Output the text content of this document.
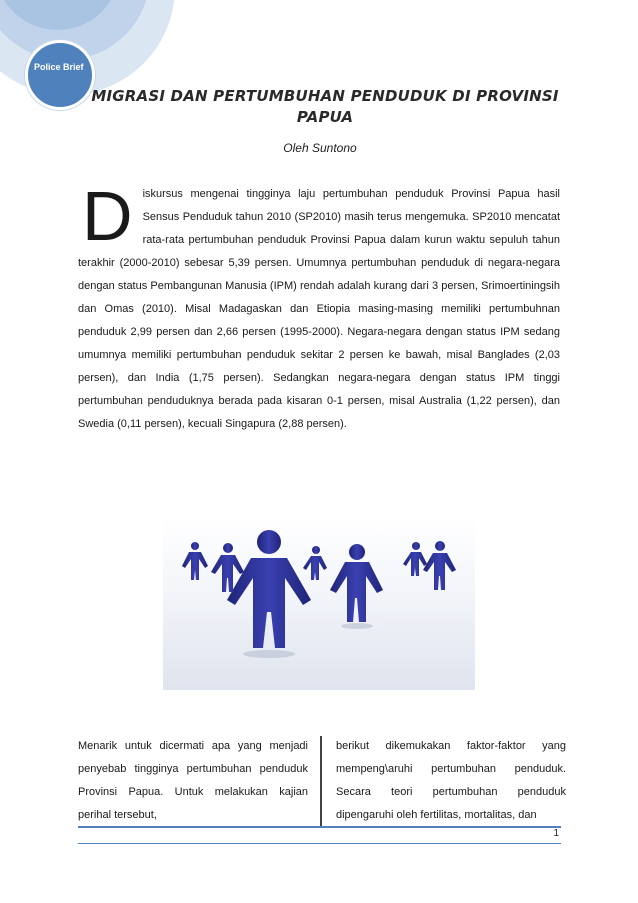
Police Brief
MIGRASI DAN PERTUMBUHAN PENDUDUK DI PROVINSI PAPUA
Oleh Suntono
D iskursus mengenai tingginya laju pertumbuhan penduduk Provinsi Papua hasil Sensus Penduduk tahun 2010 (SP2010) masih terus mengemuka. SP2010 mencatat rata-rata pertumbuhan penduduk Provinsi Papua dalam kurun waktu sepuluh tahun terakhir (2000-2010) sebesar 5,39 persen. Umumnya pertumbuhan penduduk di negara-negara dengan status Pembangunan Manusia (IPM) rendah adalah kurang dari 3 persen, Srimoertiningsih dan Omas (2010). Misal Madagaskan dan Etiopia masing-masing memiliki pertumbuhnan penduduk 2,99 persen dan 2,66 persen (1995-2000). Negara-negara dengan status IPM sedang umumnya memiliki pertumbuhan penduduk sekitar 2 persen ke bawah, misal Banglades (2,03 persen), dan India (1,75 persen). Sedangkan negara-negara dengan status IPM tinggi pertumbuhan penduduknya berada pada kisaran 0-1 persen, misal Australia (1,22 persen), dan Swedia (0,11 persen), kecuali Singapura (2,88 persen).
Menarik untuk dicermati apa yang menjadi penyebab tingginya pertumbuhan penduduk Provinsi Papua. Untuk melakukan kajian perihal tersebut,
berikut dikemukakan faktor-faktor yang mempeng\aruhi pertumbuhan penduduk. Secara teori pertumbuhan penduduk dipengaruhi oleh fertilitas, mortalitas, dan
1
